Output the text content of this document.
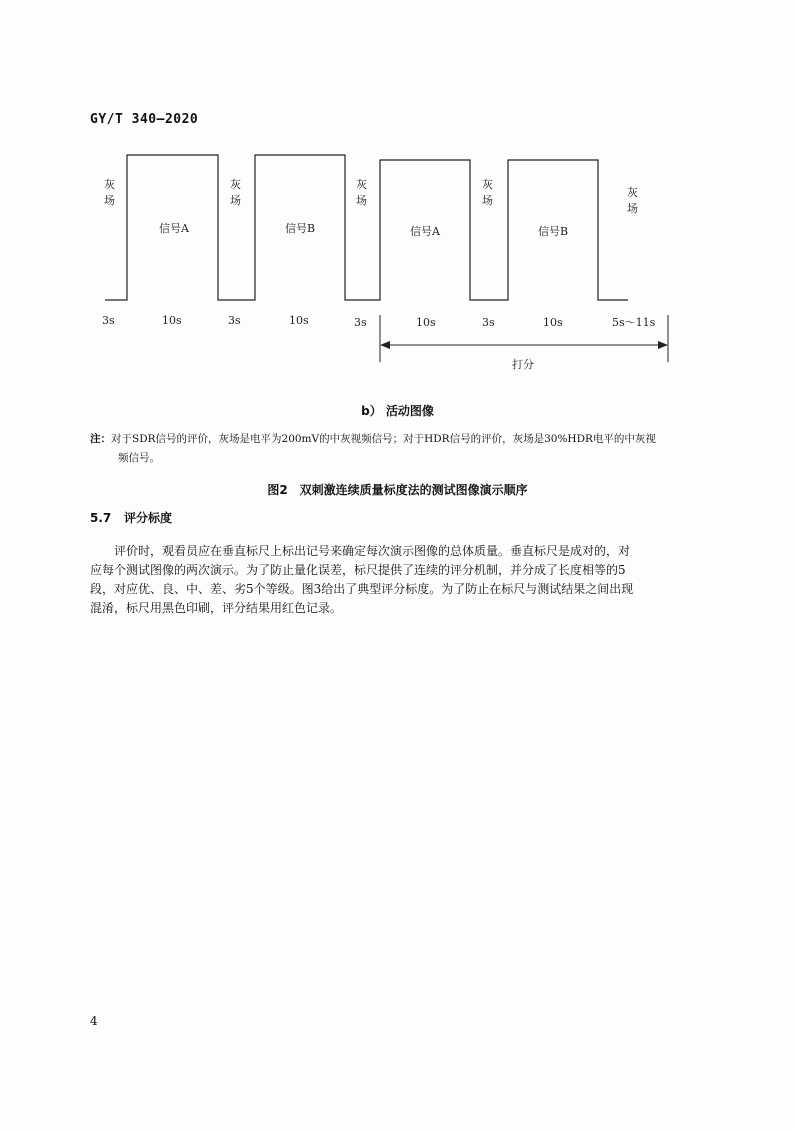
GY/T 340—2020
灰
场
灰
场
灰
场
灰
场
灰
场
信号A	信号B	信号A	信号B
3s	10s	3s	10s	3s	10s	3s	10s	5s～11s
打分
b） 活动图像
注：对于SDR信号的评价，灰场是电平为200mV的中灰视频信号；对于HDR信号的评价，灰场是30%HDR电平的中灰视
频信号。
图2　双刺激连续质量标度法的测试图像演示顺序
5.7 评分标度
评价时，观看员应在垂直标尺上标出记号来确定每次演示图像的总体质量。垂直标尺是成对的，对
应每个测试图像的两次演示。为了防止量化误差，标尺提供了连续的评分机制，并分成了长度相等的5
段，对应优、良、中、差、劣5个等级。图3给出了典型评分标度。为了防止在标尺与测试结果之间出现
混淆，标尺用黑色印刷，评分结果用红色记录。
4
